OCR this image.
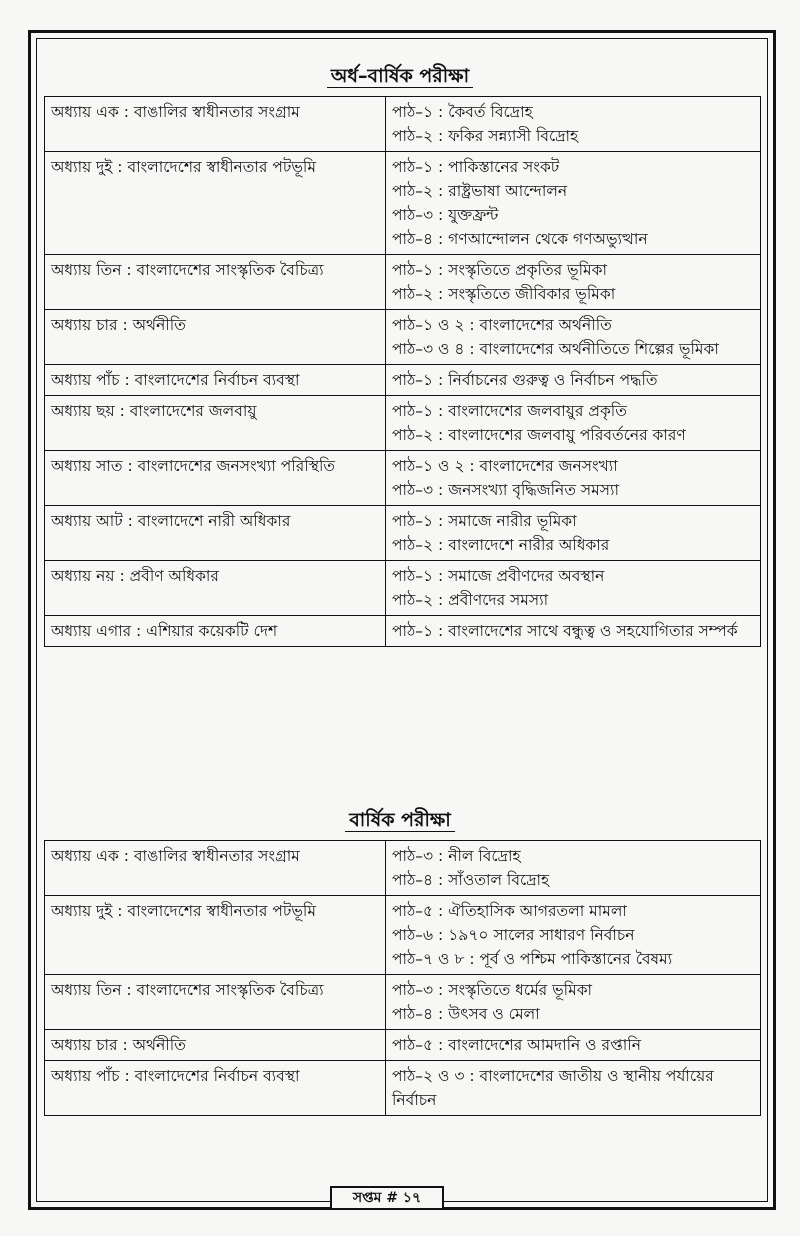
অর্ধ–বার্ষিক পরীক্ষা
অধ্যায় এক : বাঙালির স্বাধীনতার সংগ্রাম	পাঠ–১ : কৈবর্ত বিদ্রোহ
পাঠ–২ : ফকির সন্ন্যাসী বিদ্রোহ

অধ্যায় দুই : বাংলাদেশের স্বাধীনতার পটভূমি	পাঠ–১ : পাকিস্তানের সংকট
পাঠ–২ : রাষ্ট্রভাষা আন্দোলন
পাঠ–৩ : যুক্তফ্রন্ট
পাঠ–৪ : গণআন্দোলন থেকে গণঅভ্যুত্থান

অধ্যায় তিন : বাংলাদেশের সাংস্কৃতিক বৈচিত্র্য	পাঠ–১ : সংস্কৃতিতে প্রকৃতির ভূমিকা
পাঠ–২ : সংস্কৃতিতে জীবিকার ভূমিকা

অধ্যায় চার : অর্থনীতি	পাঠ–১ ও ২ : বাংলাদেশের অর্থনীতি
পাঠ–৩ ও ৪ : বাংলাদেশের অর্থনীতিতে শিল্পের ভূমিকা

অধ্যায় পাঁচ : বাংলাদেশের নির্বাচন ব্যবস্থা	পাঠ–১ : নির্বাচনের গুরুত্ব ও নির্বাচন পদ্ধতি

অধ্যায় ছয় : বাংলাদেশের জলবায়ু	পাঠ–১ : বাংলাদেশের জলবায়ুর প্রকৃতি
পাঠ–২ : বাংলাদেশের জলবায়ু পরিবর্তনের কারণ

অধ্যায় সাত : বাংলাদেশের জনসংখ্যা পরিস্থিতি	পাঠ–১ ও ২ : বাংলাদেশের জনসংখ্যা
পাঠ–৩ : জনসংখ্যা বৃদ্ধিজনিত সমস্যা

অধ্যায় আট : বাংলাদেশে নারী অধিকার	পাঠ–১ : সমাজে নারীর ভূমিকা
পাঠ–২ : বাংলাদেশে নারীর অধিকার

অধ্যায় নয় : প্রবীণ অধিকার	পাঠ–১ : সমাজে প্রবীণদের অবস্থান
পাঠ–২ : প্রবীণদের সমস্যা

অধ্যায় এগার : এশিয়ার কয়েকটি দেশ	পাঠ–১ : বাংলাদেশের সাথে বন্ধুত্ব ও সহযোগিতার সম্পর্ক
বার্ষিক পরীক্ষা
অধ্যায় এক : বাঙালির স্বাধীনতার সংগ্রাম	পাঠ–৩ : নীল বিদ্রোহ
পাঠ–৪ : সাঁওতাল বিদ্রোহ

অধ্যায় দুই : বাংলাদেশের স্বাধীনতার পটভূমি	পাঠ–৫ : ঐতিহাসিক আগরতলা মামলা
পাঠ–৬ : ১৯৭০ সালের সাধারণ নির্বাচন
পাঠ–৭ ও ৮ : পূর্ব ও পশ্চিম পাকিস্তানের বৈষম্য

অধ্যায় তিন : বাংলাদেশের সাংস্কৃতিক বৈচিত্র্য	পাঠ–৩ : সংস্কৃতিতে ধর্মের ভূমিকা
পাঠ–৪ : উৎসব ও মেলা

অধ্যায় চার : অর্থনীতি	পাঠ–৫ : বাংলাদেশের আমদানি ও রপ্তানি

অধ্যায় পাঁচ : বাংলাদেশের নির্বাচন ব্যবস্থা	পাঠ–২ ও ৩ : বাংলাদেশের জাতীয় ও স্থানীয় পর্যায়ের নির্বাচন
সপ্তম # ১৭
